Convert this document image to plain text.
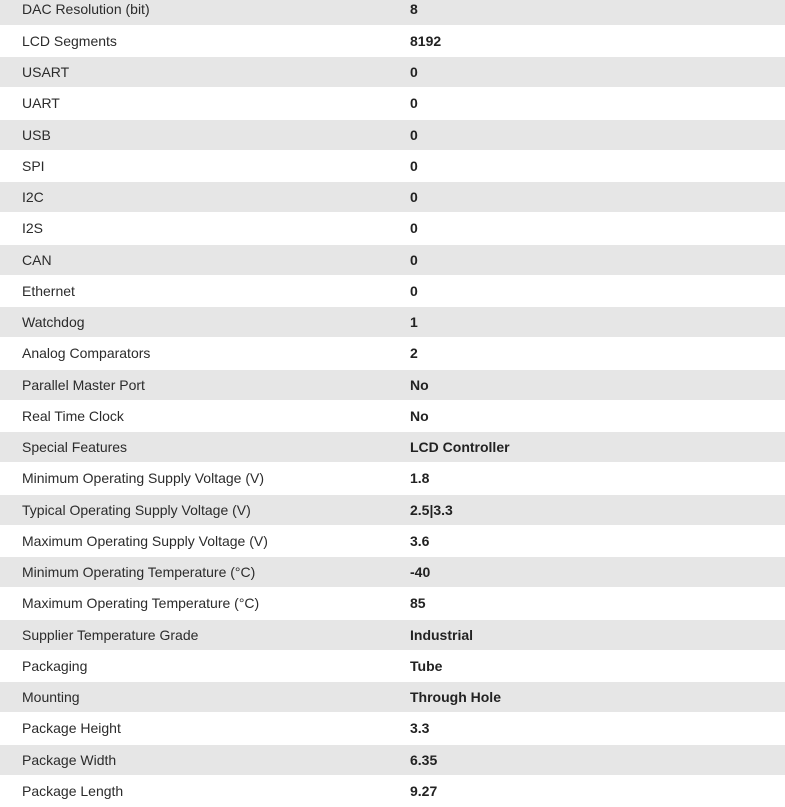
DAC Resolution (bit)	8
LCD Segments	8192
USART	0
UART	0
USB	0
SPI	0
I2C	0
I2S	0
CAN	0
Ethernet	0
Watchdog	1
Analog Comparators	2
Parallel Master Port	No
Real Time Clock	No
Special Features	LCD Controller
Minimum Operating Supply Voltage (V)	1.8
Typical Operating Supply Voltage (V)	2.5|3.3
Maximum Operating Supply Voltage (V)	3.6
Minimum Operating Temperature (°C)	-40
Maximum Operating Temperature (°C)	85
Supplier Temperature Grade	Industrial
Packaging	Tube
Mounting	Through Hole
Package Height	3.3
Package Width	6.35
Package Length	9.27
